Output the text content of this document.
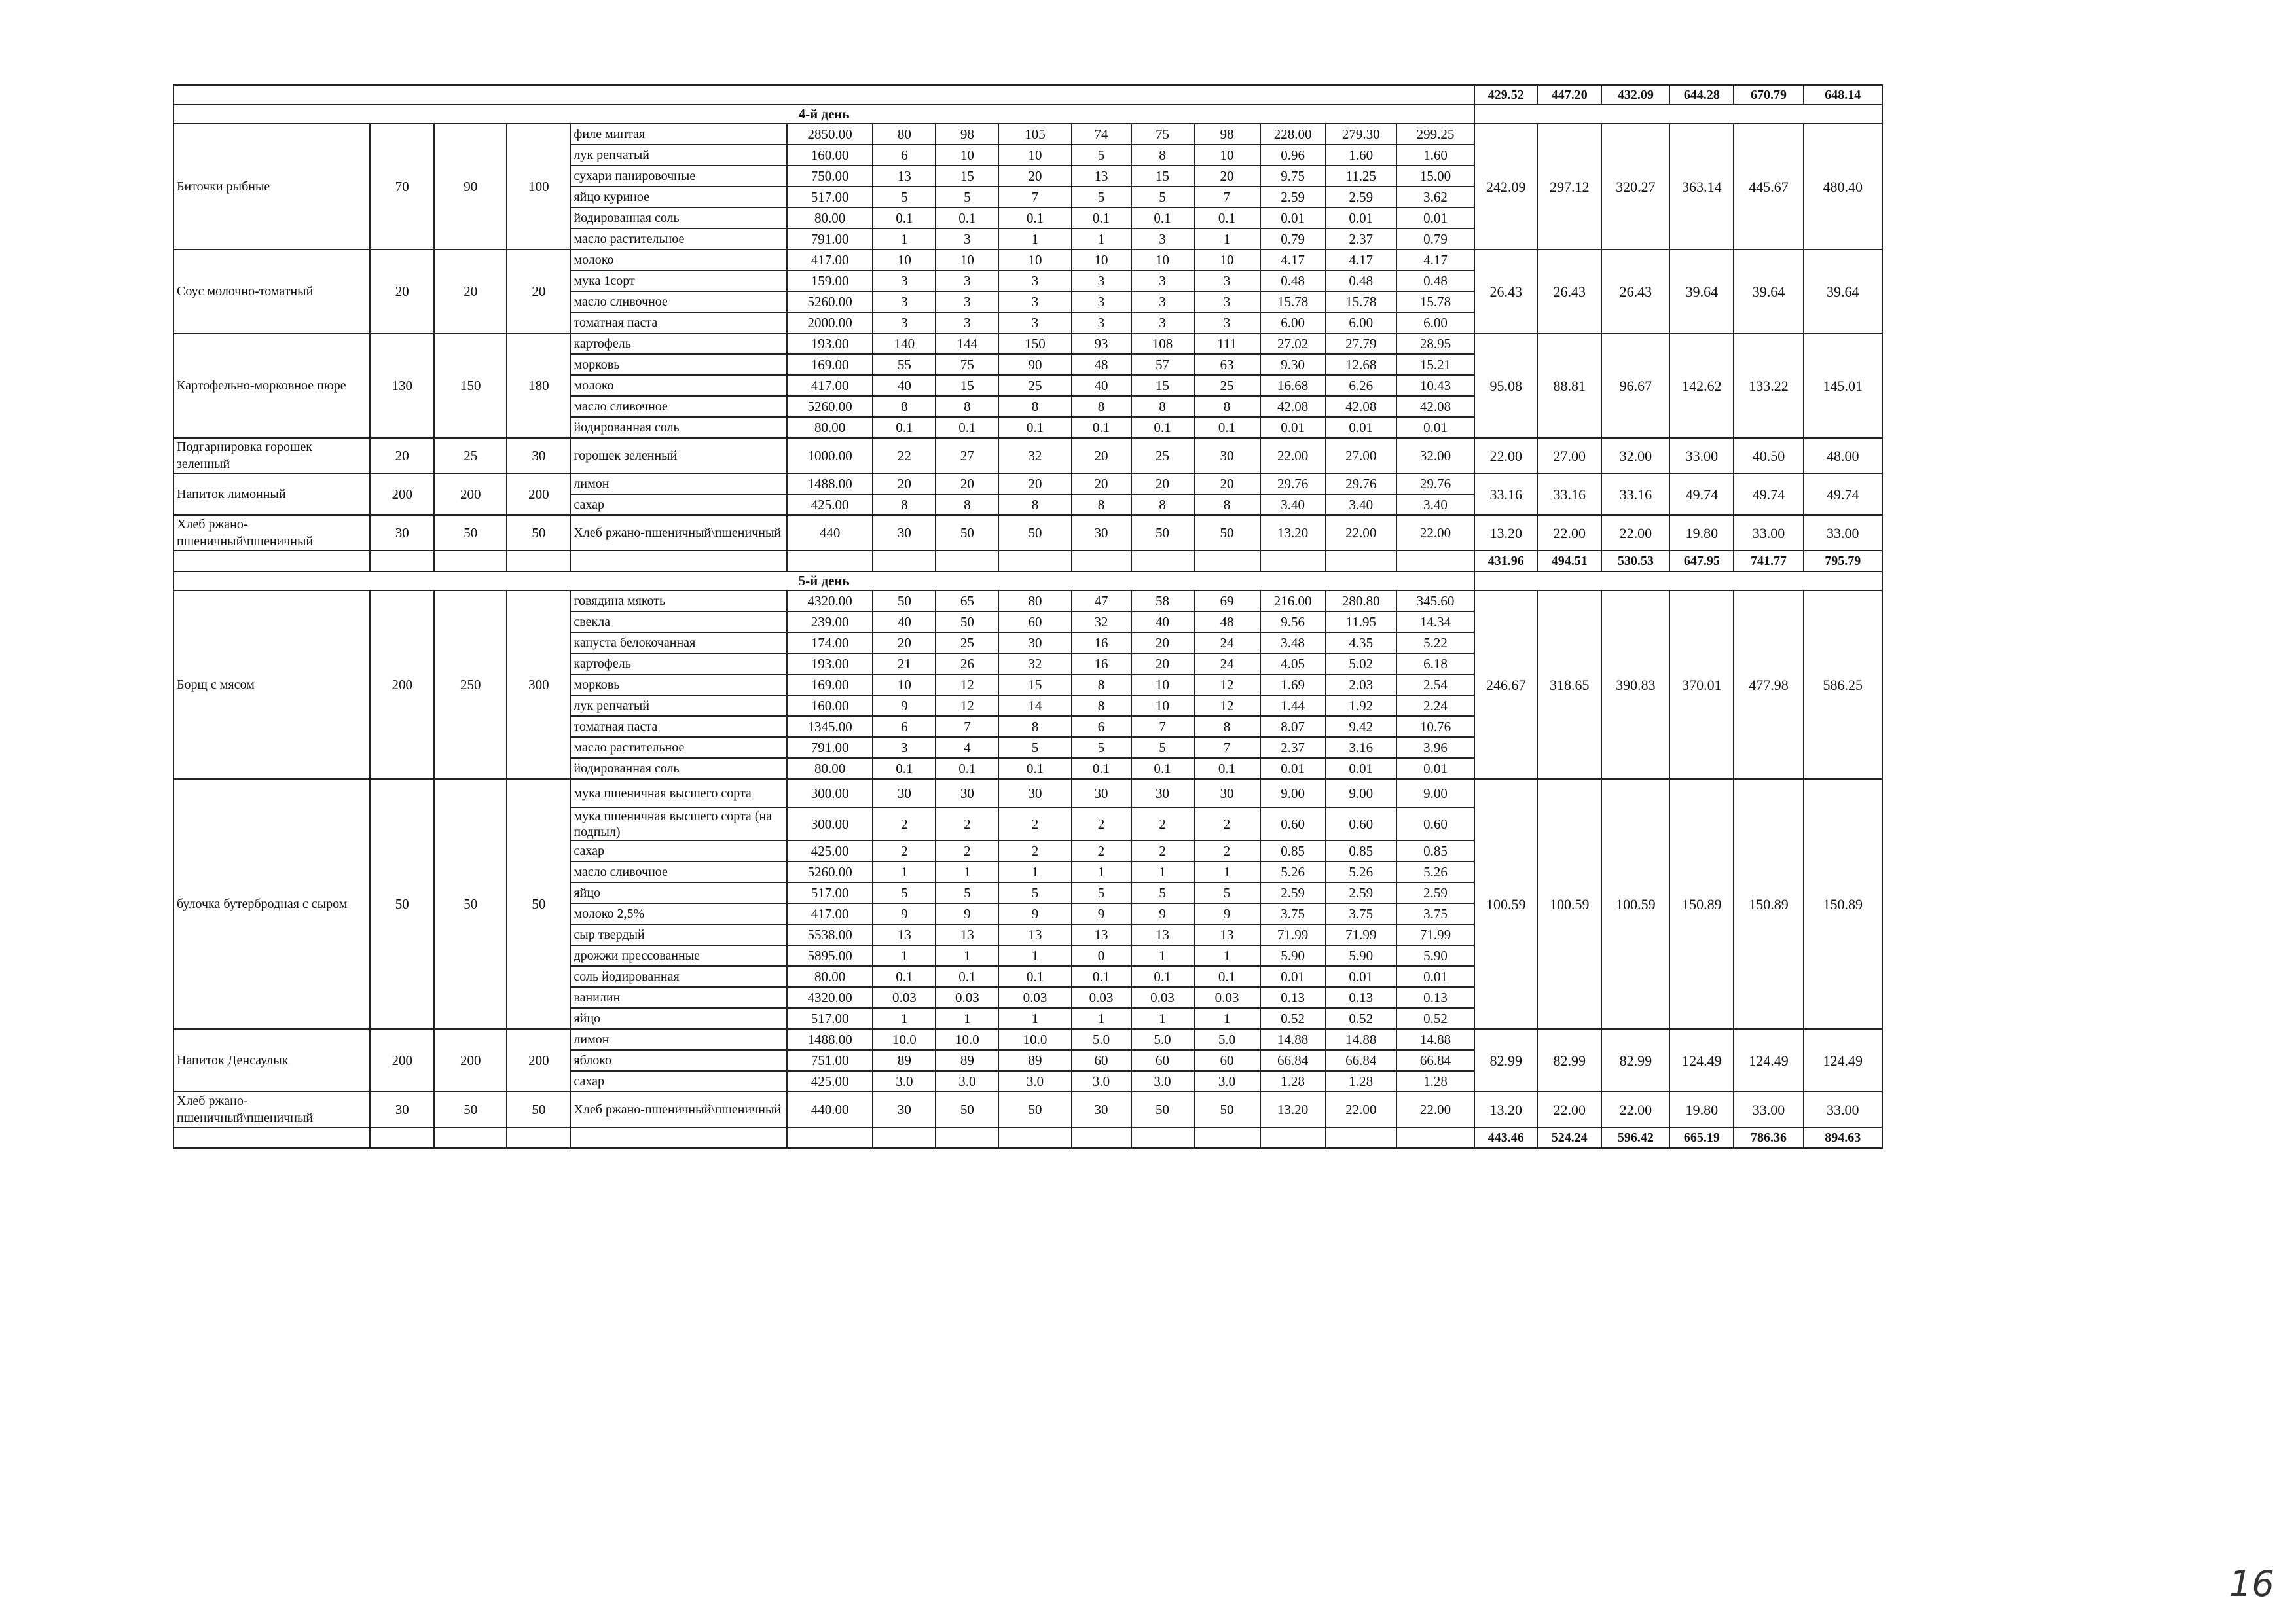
															429.52	447.20	432.09	644.28	670.79	648.14
4-й день																				
Биточки рыбные	70	90	100	филе минтая	2850.00	80	98	105	74	75	98	228.00	279.30	299.25	242.09	297.12	320.27	363.14	445.67	480.40
				лук репчатый	160.00	6	10	10	5	8	10	0.96	1.60	1.60						
				сухари панировочные	750.00	13	15	20	13	15	20	9.75	11.25	15.00						
				яйцо куриное	517.00	5	5	7	5	5	7	2.59	2.59	3.62						
				йодированная соль	80.00	0.1	0.1	0.1	0.1	0.1	0.1	0.01	0.01	0.01						
				масло растительное	791.00	1	3	1	1	3	1	0.79	2.37	0.79						
Соус молочно-томатный	20	20	20	молоко	417.00	10	10	10	10	10	10	4.17	4.17	4.17	26.43	26.43	26.43	39.64	39.64	39.64
				мука 1сорт	159.00	3	3	3	3	3	3	0.48	0.48	0.48						
				масло сливочное	5260.00	3	3	3	3	3	3	15.78	15.78	15.78						
				томатная паста	2000.00	3	3	3	3	3	3	6.00	6.00	6.00						
Картофельно-морковное пюре	130	150	180	картофель	193.00	140	144	150	93	108	111	27.02	27.79	28.95	95.08	88.81	96.67	142.62	133.22	145.01
				морковь	169.00	55	75	90	48	57	63	9.30	12.68	15.21						
				молоко	417.00	40	15	25	40	15	25	16.68	6.26	10.43						
				масло сливочное	5260.00	8	8	8	8	8	8	42.08	42.08	42.08						
				йодированная соль	80.00	0.1	0.1	0.1	0.1	0.1	0.1	0.01	0.01	0.01						
Подгарнировка горошек зеленный	20	25	30	горошек зеленный	1000.00	22	27	32	20	25	30	22.00	27.00	32.00	22.00	27.00	32.00	33.00	40.50	48.00
Напиток лимонный	200	200	200	лимон	1488.00	20	20	20	20	20	20	29.76	29.76	29.76	33.16	33.16	33.16	49.74	49.74	49.74
				сахар	425.00	8	8	8	8	8	8	3.40	3.40	3.40						
Хлеб ржано-пшеничный\пшеничный	30	50	50	Хлеб ржано-пшеничный\пшеничный	440	30	50	50	30	50	50	13.20	22.00	22.00	13.20	22.00	22.00	19.80	33.00	33.00
															431.96	494.51	530.53	647.95	741.77	795.79
5-й день																				
Борщ с мясом	200	250	300	говядина мякоть	4320.00	50	65	80	47	58	69	216.00	280.80	345.60	246.67	318.65	390.83	370.01	477.98	586.25
				свекла	239.00	40	50	60	32	40	48	9.56	11.95	14.34						
				капуста белокочанная	174.00	20	25	30	16	20	24	3.48	4.35	5.22						
				картофель	193.00	21	26	32	16	20	24	4.05	5.02	6.18						
				морковь	169.00	10	12	15	8	10	12	1.69	2.03	2.54						
				лук репчатый	160.00	9	12	14	8	10	12	1.44	1.92	2.24						
				томатная паста	1345.00	6	7	8	6	7	8	8.07	9.42	10.76						
				масло растительное	791.00	3	4	5	5	5	7	2.37	3.16	3.96						
				йодированная соль	80.00	0.1	0.1	0.1	0.1	0.1	0.1	0.01	0.01	0.01						
булочка бутербродная с сыром	50	50	50	мука пшеничная высшего сорта	300.00	30	30	30	30	30	30	9.00	9.00	9.00	100.59	100.59	100.59	150.89	150.89	150.89
				мука пшеничная высшего сорта (на подпыл)	300.00	2	2	2	2	2	2	0.60	0.60	0.60						
				сахар	425.00	2	2	2	2	2	2	0.85	0.85	0.85						
				масло сливочное	5260.00	1	1	1	1	1	1	5.26	5.26	5.26						
				яйцо	517.00	5	5	5	5	5	5	2.59	2.59	2.59						
				молоко 2,5%	417.00	9	9	9	9	9	9	3.75	3.75	3.75						
				сыр твердый	5538.00	13	13	13	13	13	13	71.99	71.99	71.99						
				дрожжи прессованные	5895.00	1	1	1	0	1	1	5.90	5.90	5.90						
				соль йодированная	80.00	0.1	0.1	0.1	0.1	0.1	0.1	0.01	0.01	0.01						
				ванилин	4320.00	0.03	0.03	0.03	0.03	0.03	0.03	0.13	0.13	0.13						
				яйцо	517.00	1	1	1	1	1	1	0.52	0.52	0.52						
Напиток Денсаулык	200	200	200	лимон	1488.00	10.0	10.0	10.0	5.0	5.0	5.0	14.88	14.88	14.88	82.99	82.99	82.99	124.49	124.49	124.49
				яблоко	751.00	89	89	89	60	60	60	66.84	66.84	66.84						
				сахар	425.00	3.0	3.0	3.0	3.0	3.0	3.0	1.28	1.28	1.28						
Хлеб ржано-пшеничный\пшеничный	30	50	50	Хлеб ржано-пшеничный\пшеничный	440.00	30	50	50	30	50	50	13.20	22.00	22.00	13.20	22.00	22.00	19.80	33.00	33.00
															443.46	524.24	596.42	665.19	786.36	894.63
16
